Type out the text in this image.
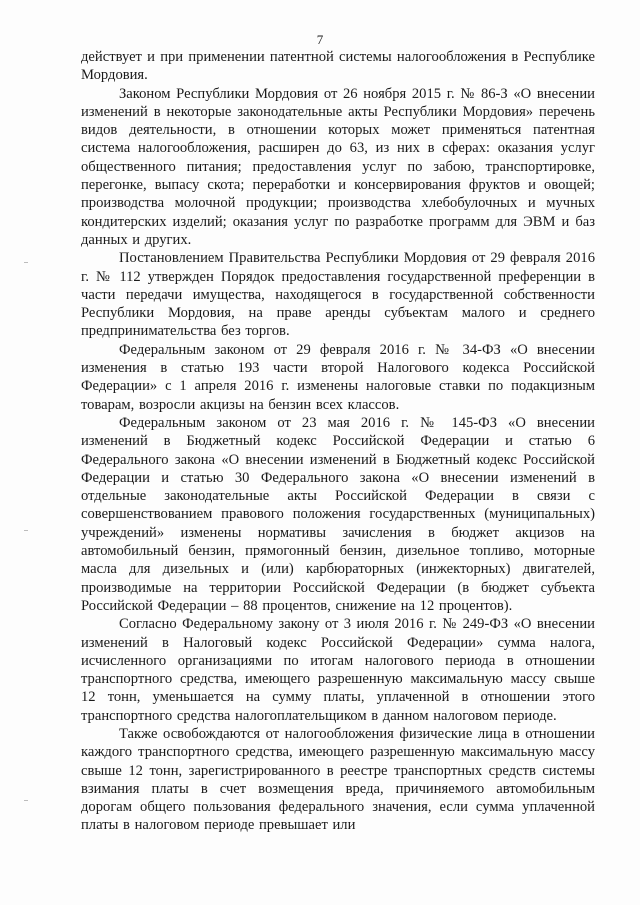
7

действует и при применении патентной системы налогообложения в Республике Мордовия.

Законом Республики Мордовия от 26 ноября 2015 г. № 86-З «О внесении изменений в некоторые законодательные акты Республики Мордовия» перечень видов деятельности, в отношении которых может применяться патентная система налогообложения, расширен до 63, из них в сферах: оказания услуг общественного питания; предоставления услуг по забою, транспортировке, перегонке, выпасу скота; переработки и консервирования фруктов и овощей; производства молочной продукции; производства хлебобулочных и мучных кондитерских изделий; оказания услуг по разработке программ для ЭВМ и баз данных и других.

Постановлением Правительства Республики Мордовия от 29 февраля 2016 г. № 112 утвержден Порядок предоставления государственной преференции в части передачи имущества, находящегося в государственной собственности Республики Мордовия, на праве аренды субъектам малого и среднего предпринимательства без торгов.

Федеральным законом от 29 февраля 2016 г. № 34-ФЗ «О внесении изменения в статью 193 части второй Налогового кодекса Российской Федерации» с 1 апреля 2016 г. изменены налоговые ставки по подакцизным товарам, возросли акцизы на бензин всех классов.

Федеральным законом от 23 мая 2016 г. № 145-ФЗ «О внесении изменений в Бюджетный кодекс Российской Федерации и статью 6 Федерального закона «О внесении изменений в Бюджетный кодекс Российской Федерации и статью 30 Федерального закона «О внесении изменений в отдельные законодательные акты Российской Федерации в связи с совершенствованием правового положения государственных (муниципальных) учреждений» изменены нормативы зачисления в бюджет акцизов на автомобильный бензин, прямогонный бензин, дизельное топливо, моторные масла для дизельных и (или) карбюраторных (инжекторных) двигателей, производимые на территории Российской Федерации (в бюджет субъекта Российской Федерации – 88 процентов, снижение на 12 процентов).

Согласно Федеральному закону от 3 июля 2016 г. № 249-ФЗ «О внесении изменений в Налоговый кодекс Российской Федерации» сумма налога, исчисленного организациями по итогам налогового периода в отношении транспортного средства, имеющего разрешенную максимальную массу свыше 12 тонн, уменьшается на сумму платы, уплаченной в отношении этого транспортного средства налогоплательщиком в данном налоговом периоде.

Также освобождаются от налогообложения физические лица в отношении каждого транспортного средства, имеющего разрешенную максимальную массу свыше 12 тонн, зарегистрированного в реестре транспортных средств системы взимания платы в счет возмещения вреда, причиняемого автомобильным дорогам общего пользования федерального значения, если сумма уплаченной платы в налоговом периоде превышает или
